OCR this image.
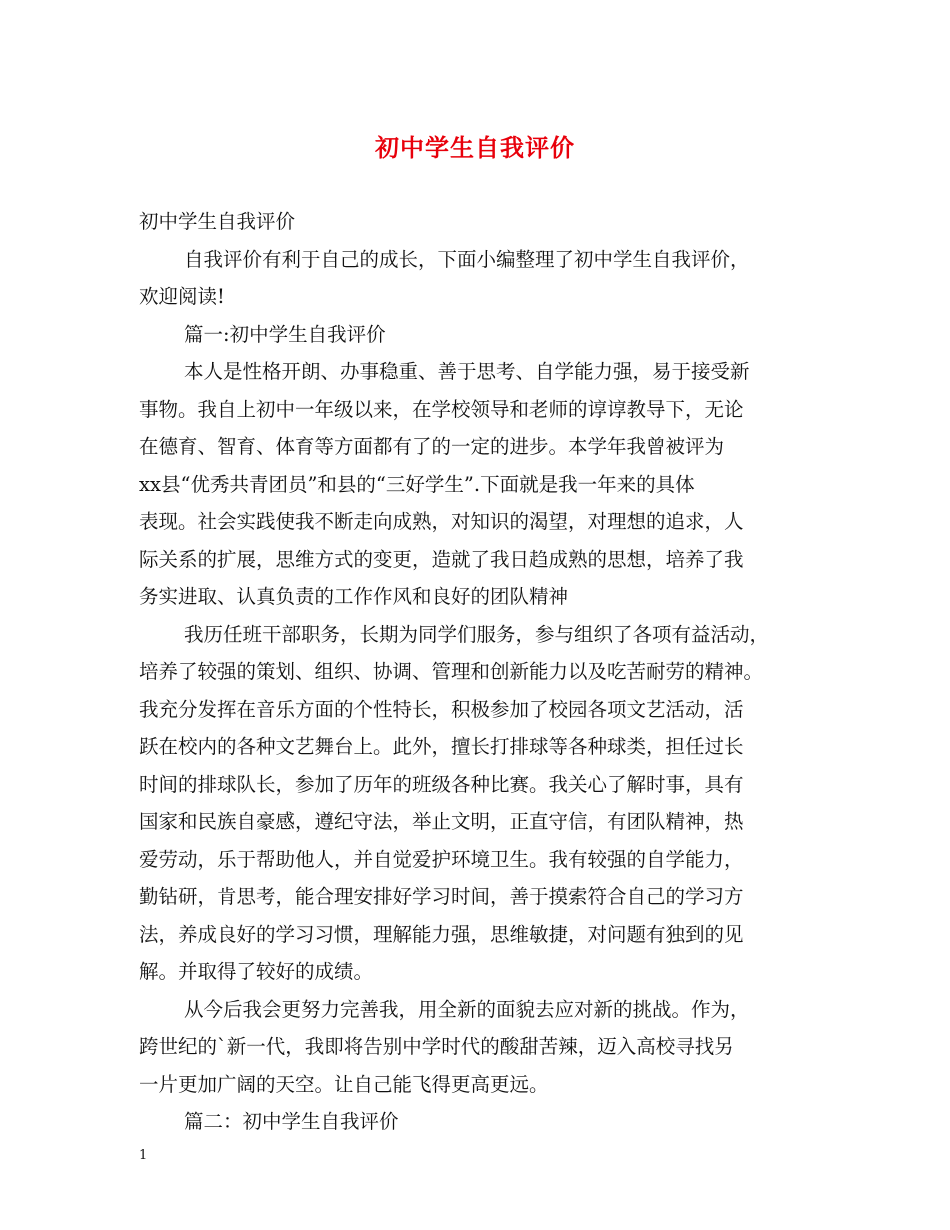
初中学生自我评价
初中学生自我评价
自我评价有利于自己的成长，下面小编整理了初中学生自我评价，
欢迎阅读!
篇一:初中学生自我评价
本人是性格开朗、办事稳重、善于思考、自学能力强，易于接受新
事物。我自上初中一年级以来，在学校领导和老师的谆谆教导下，无论
在德育、智育、体育等方面都有了的一定的进步。本学年我曾被评为
xx县“优秀共青团员”和县的“三好学生”.下面就是我一年来的具体
表现。社会实践使我不断走向成熟，对知识的渴望，对理想的追求，人
际关系的扩展，思维方式的变更，造就了我日趋成熟的思想，培养了我
务实进取、认真负责的工作作风和良好的团队精神
我历任班干部职务，长期为同学们服务，参与组织了各项有益活动，
培养了较强的策划、组织、协调、管理和创新能力以及吃苦耐劳的精神。
我充分发挥在音乐方面的个性特长，积极参加了校园各项文艺活动，活
跃在校内的各种文艺舞台上。此外，擅长打排球等各种球类，担任过长
时间的排球队长，参加了历年的班级各种比赛。我关心了解时事，具有
国家和民族自豪感，遵纪守法，举止文明，正直守信，有团队精神，热
爱劳动，乐于帮助他人，并自觉爱护环境卫生。我有较强的自学能力，
勤钻研，肯思考，能合理安排好学习时间，善于摸索符合自己的学习方
法，养成良好的学习习惯，理解能力强，思维敏捷，对问题有独到的见
解。并取得了较好的成绩。
从今后我会更努力完善我，用全新的面貌去应对新的挑战。作为，
跨世纪的`新一代，我即将告别中学时代的酸甜苦辣，迈入高校寻找另
一片更加广阔的天空。让自己能飞得更高更远。
篇二：初中学生自我评价
1
